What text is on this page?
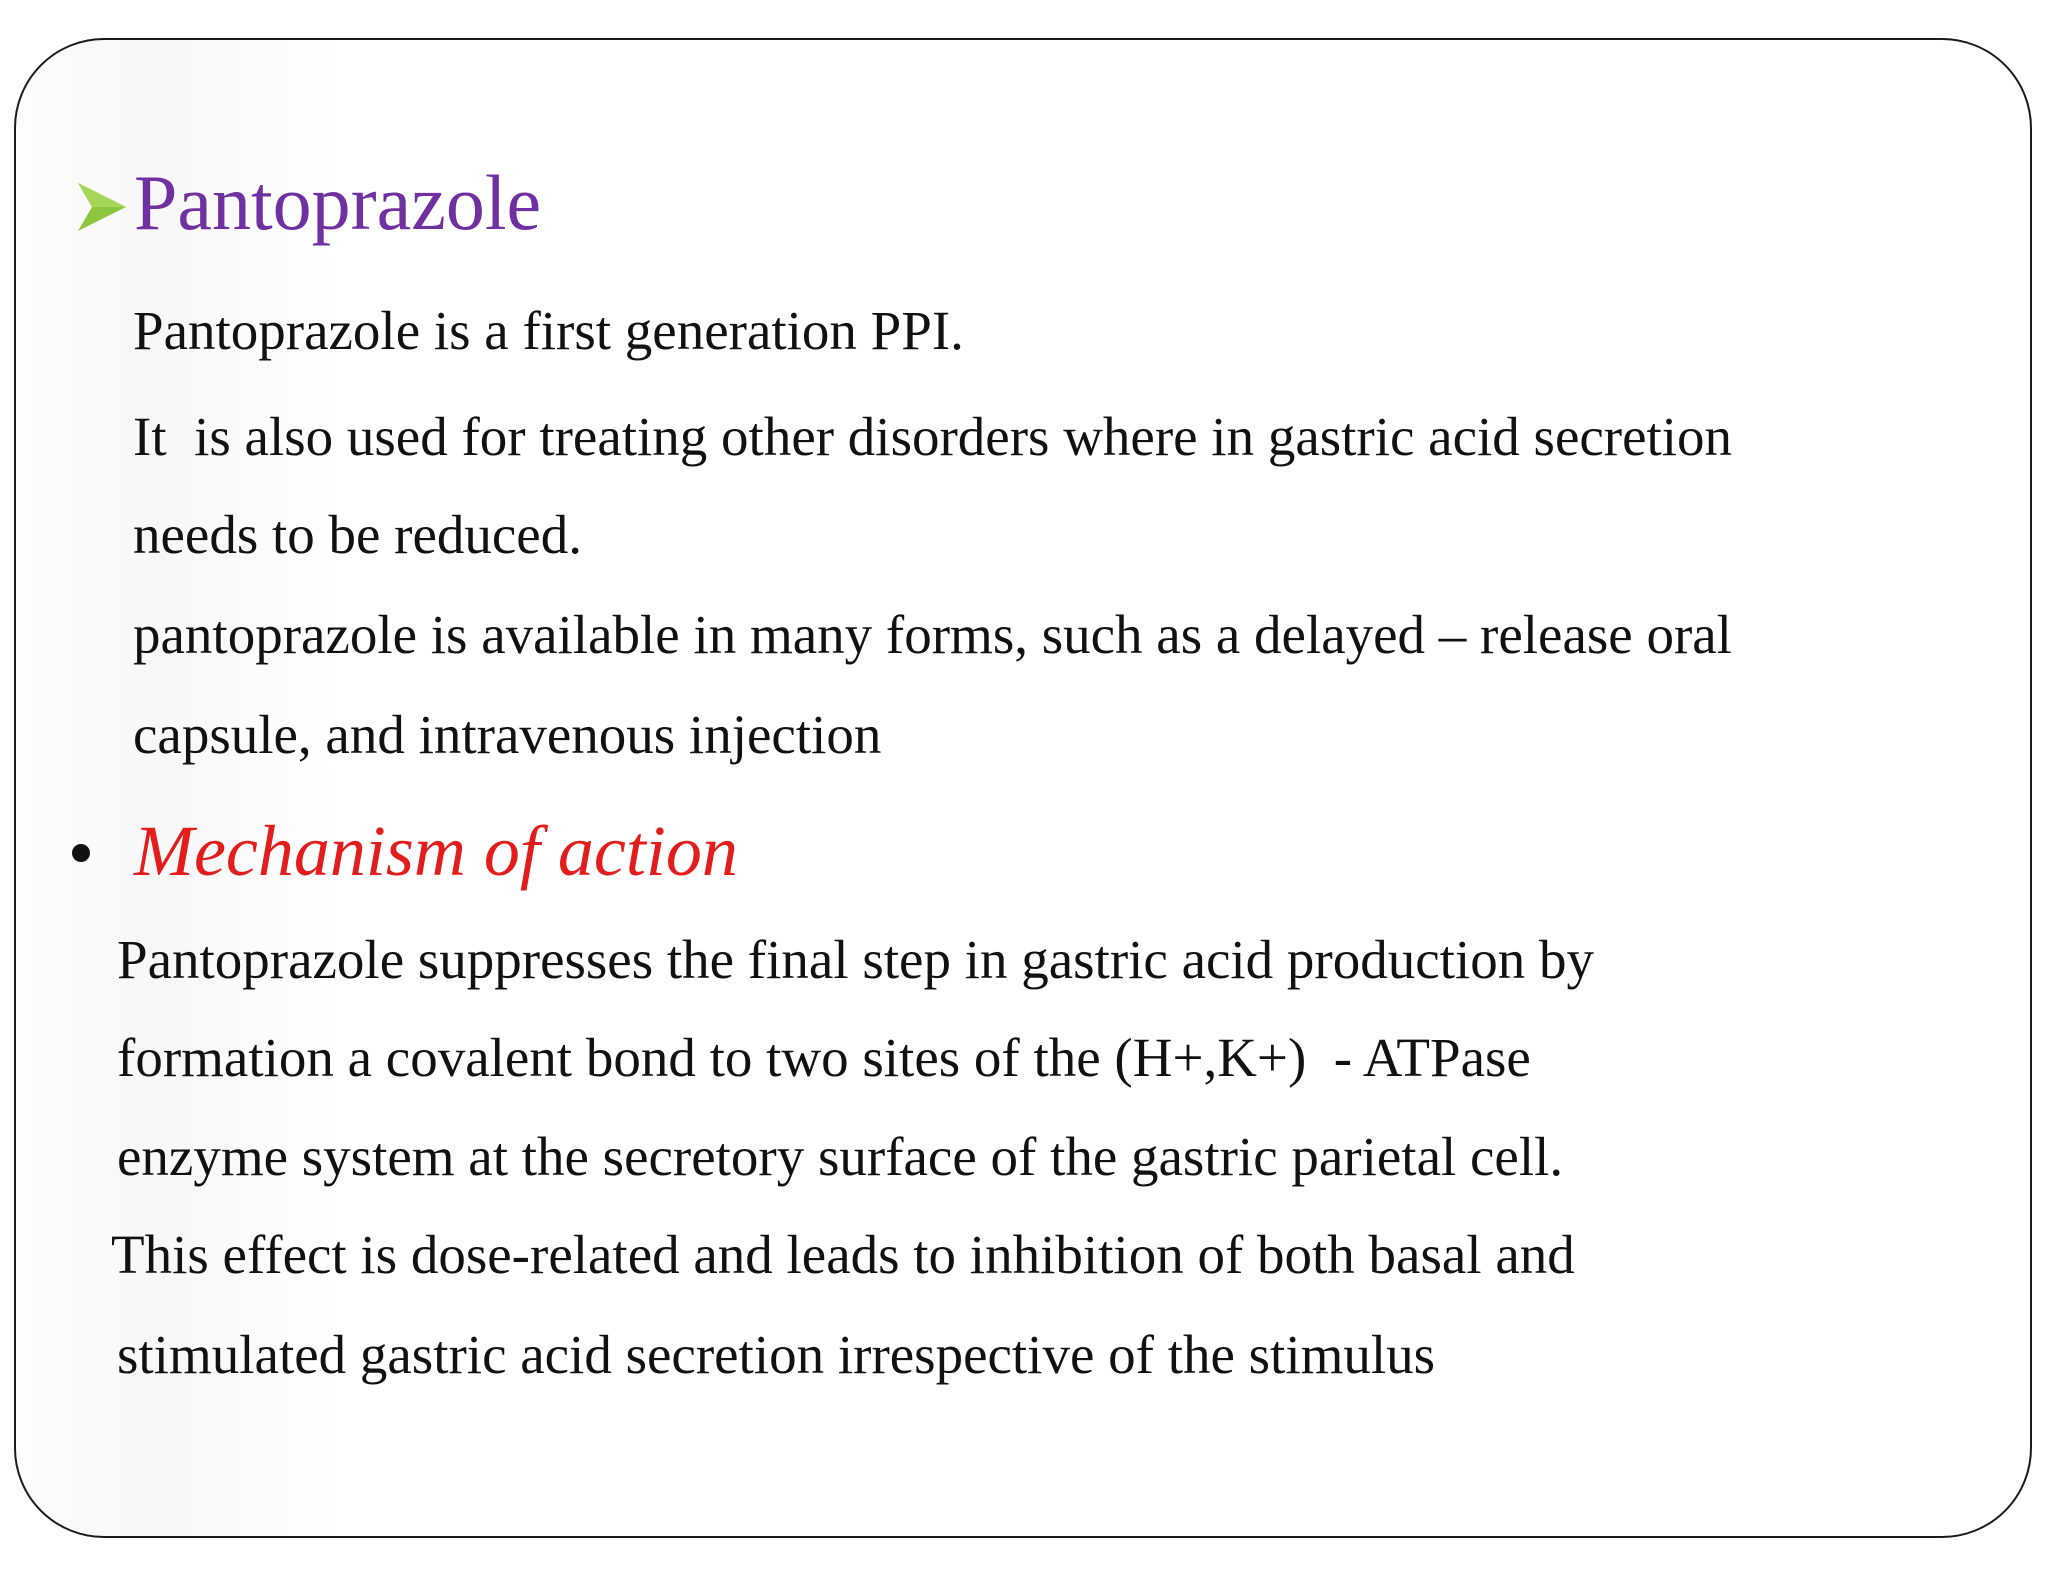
Pantoprazole

Pantoprazole is a first generation PPI.

It  is also used for treating other disorders where in gastric acid secretion

needs to be reduced.

pantoprazole is available in many forms, such as a delayed – release oral

capsule, and intravenous injection

Mechanism of action

Pantoprazole suppresses the final step in gastric acid production by

formation a covalent bond to two sites of the (H+,K+)  - ATPase

enzyme system at the secretory surface of the gastric parietal cell.

This effect is dose-related and leads to inhibition of both basal and

stimulated gastric acid secretion irrespective of the stimulus
